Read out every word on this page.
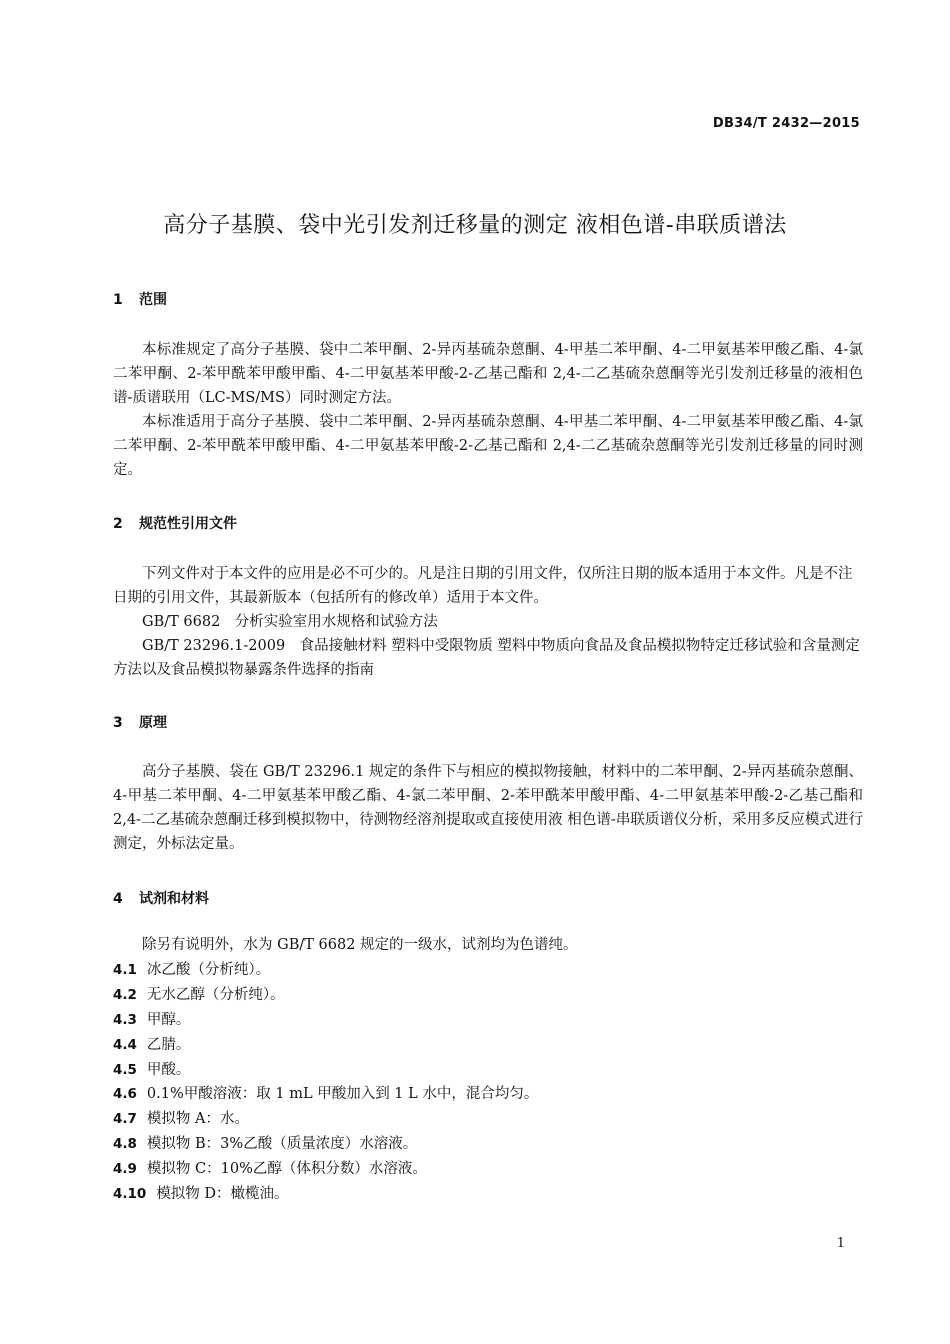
DB34/T 2432—2015
高分子基膜、袋中光引发剂迁移量的测定 液相色谱-串联质谱法
1 范围

本标准规定了高分子基膜、袋中二苯甲酮、2-异丙基硫杂蒽酮、4-甲基二苯甲酮、4-二甲氨基苯甲酸乙酯、4-氯二苯甲酮、2-苯甲酰苯甲酸甲酯、4-二甲氨基苯甲酸-2-乙基己酯和 2,4-二乙基硫杂蒽酮等光引发剂迁移量的液相色谱-质谱联用（LC-MS/MS）同时测定方法。

本标准适用于高分子基膜、袋中二苯甲酮、2-异丙基硫杂蒽酮、4-甲基二苯甲酮、4-二甲氨基苯甲酸乙酯、4-氯二苯甲酮、2-苯甲酰苯甲酸甲酯、4-二甲氨基苯甲酸-2-乙基己酯和 2,4-二乙基硫杂蒽酮等光引发剂迁移量的同时测定。

2 规范性引用文件

下列文件对于本文件的应用是必不可少的。凡是注日期的引用文件，仅所注日期的版本适用于本文件。凡是不注日期的引用文件，其最新版本（包括所有的修改单）适用于本文件。

GB/T 6682　分析实验室用水规格和试验方法

GB/T 23296.1-2009　食品接触材料 塑料中受限物质 塑料中物质向食品及食品模拟物特定迁移试验和含量测定方法以及食品模拟物暴露条件选择的指南

3 原理

高分子基膜、袋在 GB/T 23296.1 规定的条件下与相应的模拟物接触，材料中的二苯甲酮、2-异丙基硫杂蒽酮、4-甲基二苯甲酮、4-二甲氨基苯甲酸乙酯、4-氯二苯甲酮、2-苯甲酰苯甲酸甲酯、4-二甲氨基苯甲酸-2-乙基己酯和 2,4-二乙基硫杂蒽酮迁移到模拟物中，待测物经溶剂提取或直接使用液 相色谱-串联质谱仪分析，采用多反应模式进行测定，外标法定量。

4 试剂和材料

除另有说明外，水为 GB/T 6682 规定的一级水，试剂均为色谱纯。

4.1 冰乙酸（分析纯）。
4.2 无水乙醇（分析纯）。
4.3 甲醇。
4.4 乙腈。
4.5 甲酸。
4.6 0.1%甲酸溶液：取 1 mL 甲酸加入到 1 L 水中，混合均匀。
4.7 模拟物 A：水。
4.8 模拟物 B：3%乙酸（质量浓度）水溶液。
4.9 模拟物 C：10%乙醇（体积分数）水溶液。
4.10 模拟物 D：橄榄油。
1
